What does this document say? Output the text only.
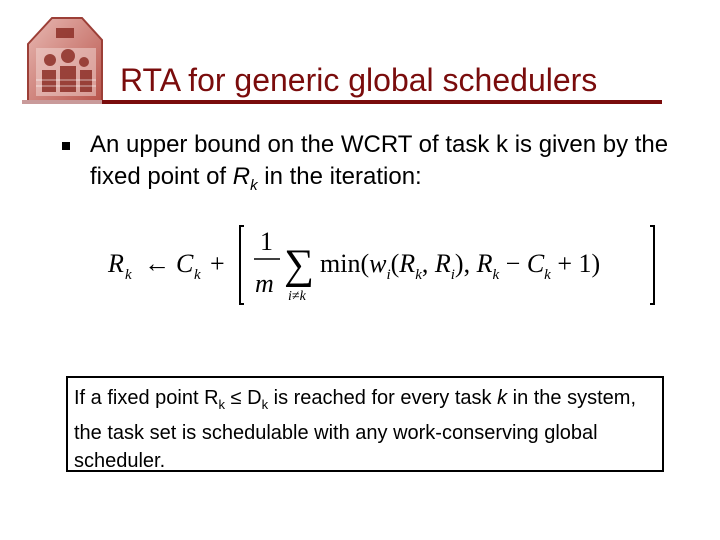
RTA for generic global schedulers
An upper bound on the WCRT of task k is given by the fixed point of $R_k$ in the iteration:
R k ← C k +
1
m ∑
i≠k
$\min(w_i(R_k$, $R_i$), $R_k - C_k + 1$)
If a fixed point $R_k \le D_k$ is reached for every task k in the system, the task set is schedulable with any work-conserving global scheduler.
